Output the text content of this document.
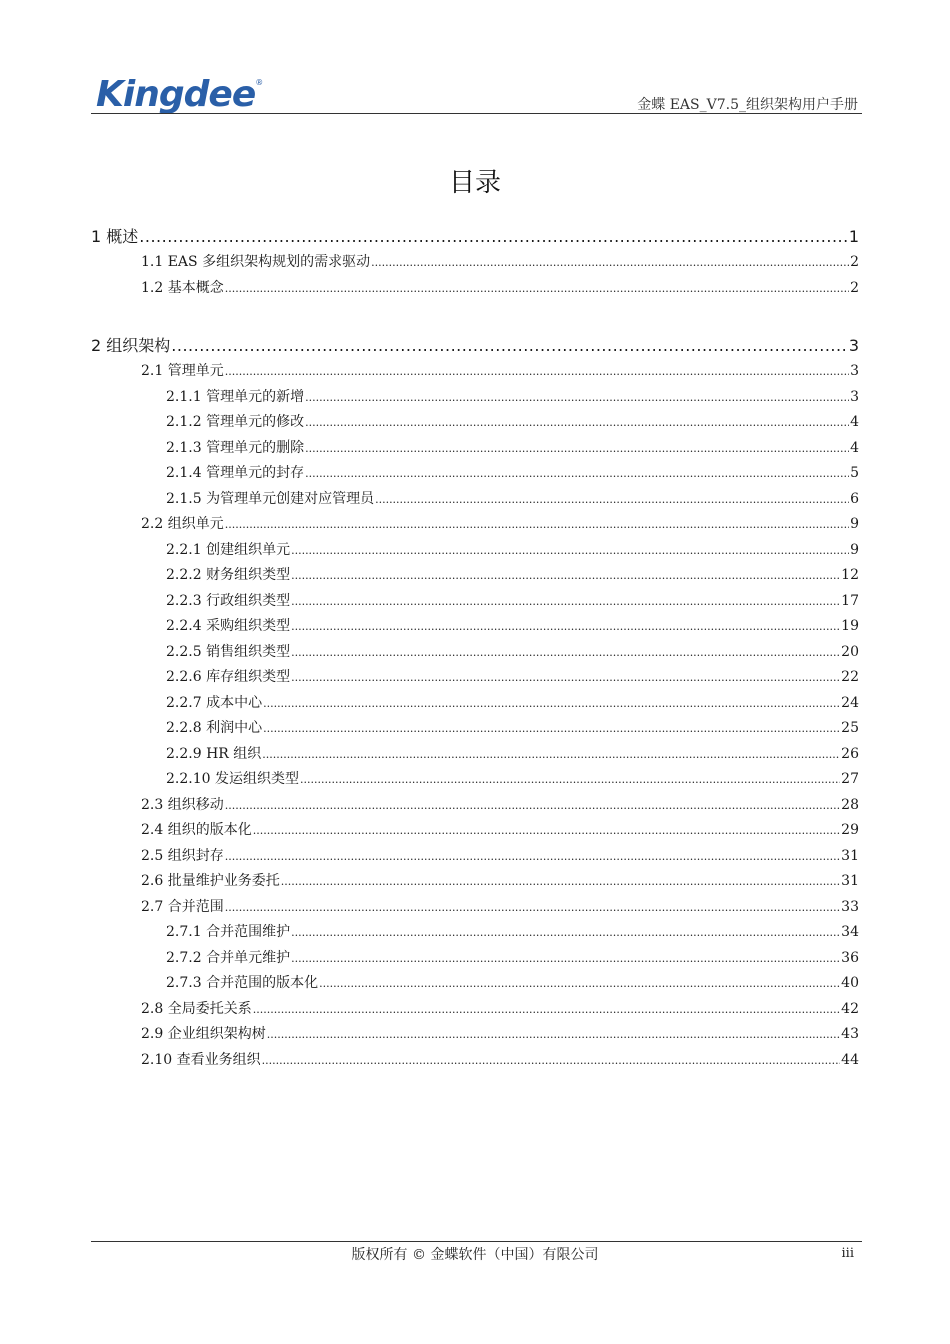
Kingdee ®
金蝶 EAS_V7.5_组织架构用户手册
目录
1 概述 .....	1
1.1 EAS 多组织架构规划的需求驱动 .....	2
1.2 基本概念 .....	2
2 组织架构 .....	3
2.1 管理单元 .....	3
2.1.1 管理单元的新增 .....	3
2.1.2 管理单元的修改 .....	4
2.1.3 管理单元的删除 .....	4
2.1.4 管理单元的封存 .....	5
2.1.5 为管理单元创建对应管理员 .....	6
2.2 组织单元 .....	9
2.2.1 创建组织单元 .....	9
2.2.2 财务组织类型 .....	12
2.2.3 行政组织类型 .....	17
2.2.4 采购组织类型 .....	19
2.2.5 销售组织类型 .....	20
2.2.6 库存组织类型 .....	22
2.2.7 成本中心 .....	24
2.2.8 利润中心 .....	25
2.2.9 HR 组织 .....	26
2.2.10 发运组织类型 .....	27
2.3 组织移动 .....	28
2.4 组织的版本化 .....	29
2.5 组织封存 .....	31
2.6 批量维护业务委托 .....	31
2.7 合并范围 .....	33
2.7.1 合并范围维护 .....	34
2.7.2 合并单元维护 .....	36
2.7.3 合并范围的版本化 .....	40
2.8 全局委托关系 .....	42
2.9 企业组织架构树 .....	43
2.10 查看业务组织 .....	44
版权所有 © 金蝶软件（中国）有限公司	iii
